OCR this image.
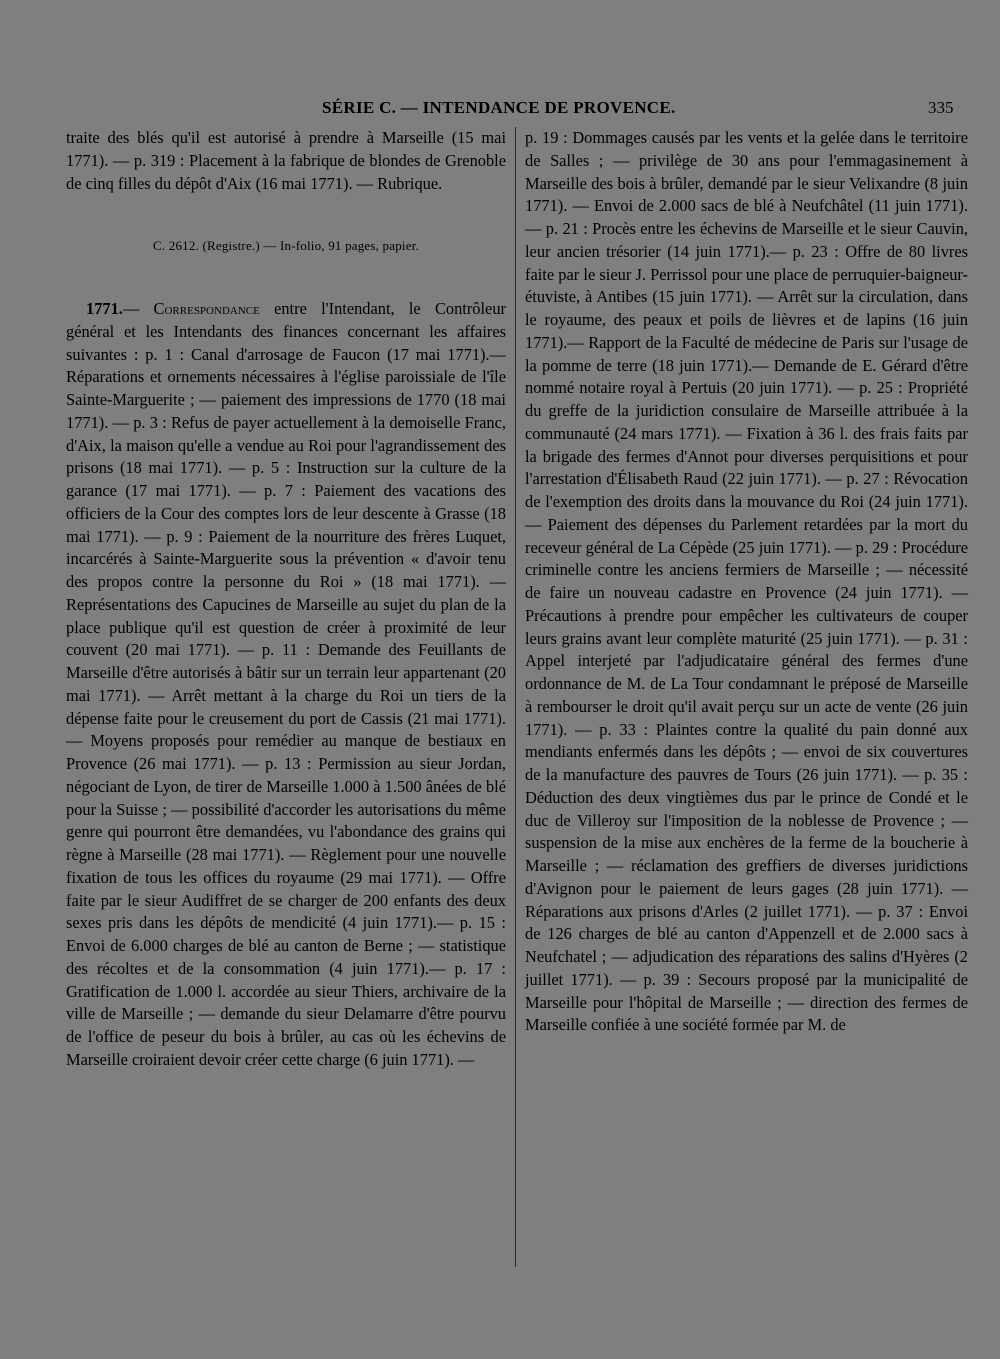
SÉRIE C. — INTENDANCE DE PROVENCE.	335

traite des blés qu'il est autorisé à prendre à Marseille (15 mai 1771). — p. 319 : Placement à la fabrique de blondes de Grenoble de cinq filles du dépôt d'Aix (16 mai 1771). — Rubrique.

C. 2612. (Registre.) — In-folio, 91 pages, papier.

1771.— Correspondance entre l'Intendant, le Contrôleur général et les Intendants des finances concernant les affaires suivantes : p. 1 : Canal d'arrosage de Faucon (17 mai 1771).— Réparations et ornements nécessaires à l'église paroissiale de l'île Sainte-Marguerite ; — paiement des impressions de 1770 (18 mai 1771). — p. 3 : Refus de payer actuellement à la demoiselle Franc, d'Aix, la maison qu'elle a vendue au Roi pour l'agrandissement des prisons (18 mai 1771). — p. 5 : Instruction sur la culture de la garance (17 mai 1771). — p. 7 : Paiement des vacations des officiers de la Cour des comptes lors de leur descente à Grasse (18 mai 1771). — p. 9 : Paiement de la nourriture des frères Luquet, incarcérés à Sainte-Marguerite sous la prévention « d'avoir tenu des propos contre la personne du Roi » (18 mai 1771). — Représentations des Capucines de Marseille au sujet du plan de la place publique qu'il est question de créer à proximité de leur couvent (20 mai 1771). — p. 11 : Demande des Feuillants de Marseille d'être autorisés à bâtir sur un terrain leur appartenant (20 mai 1771). — Arrêt mettant à la charge du Roi un tiers de la dépense faite pour le creusement du port de Cassis (21 mai 1771). — Moyens proposés pour remédier au manque de bestiaux en Provence (26 mai 1771). — p. 13 : Permission au sieur Jordan, négociant de Lyon, de tirer de Marseille 1.000 à 1.500 ânées de blé pour la Suisse ; — possibilité d'accorder les autorisations du même genre qui pourront être demandées, vu l'abondance des grains qui règne à Marseille (28 mai 1771). — Règlement pour une nouvelle fixation de tous les offices du royaume (29 mai 1771). — Offre faite par le sieur Audiffret de se charger de 200 enfants des deux sexes pris dans les dépôts de mendicité (4 juin 1771).— p. 15 : Envoi de 6.000 charges de blé au canton de Berne ; — statistique des récoltes et de la consommation (4 juin 1771).— p. 17 : Gratification de 1.000 l. accordée au sieur Thiers, archivaire de la ville de Marseille ; — demande du sieur Delamarre d'être pourvu de l'office de peseur du bois à brûler, au cas où les échevins de Marseille croiraient devoir créer cette charge (6 juin 1771). —

p. 19 : Dommages causés par les vents et la gelée dans le territoire de Salles ; — privilège de 30 ans pour l'emmagasinement à Marseille des bois à brûler, demandé par le sieur Velixandre (8 juin 1771). — Envoi de 2.000 sacs de blé à Neufchâtel (11 juin 1771). — p. 21 : Procès entre les échevins de Marseille et le sieur Cauvin, leur ancien trésorier (14 juin 1771).— p. 23 : Offre de 80 livres faite par le sieur J. Perrissol pour une place de perruquier-baigneur-étuviste, à Antibes (15 juin 1771). — Arrêt sur la circulation, dans le royaume, des peaux et poils de lièvres et de lapins (16 juin 1771).— Rapport de la Faculté de médecine de Paris sur l'usage de la pomme de terre (18 juin 1771).— Demande de E. Gérard d'être nommé notaire royal à Pertuis (20 juin 1771). — p. 25 : Propriété du greffe de la juridiction consulaire de Marseille attribuée à la communauté (24 mars 1771). — Fixation à 36 l. des frais faits par la brigade des fermes d'Annot pour diverses perquisitions et pour l'arrestation d'Élisabeth Raud (22 juin 1771). — p. 27 : Révocation de l'exemption des droits dans la mouvance du Roi (24 juin 1771). — Paiement des dépenses du Parlement retardées par la mort du receveur général de La Cépède (25 juin 1771). — p. 29 : Procédure criminelle contre les anciens fermiers de Marseille ; — nécessité de faire un nouveau cadastre en Provence (24 juin 1771). — Précautions à prendre pour empêcher les cultivateurs de couper leurs grains avant leur complète maturité (25 juin 1771). — p. 31 : Appel interjeté par l'adjudicataire général des fermes d'une ordonnance de M. de La Tour condamnant le préposé de Marseille à rembourser le droit qu'il avait perçu sur un acte de vente (26 juin 1771). — p. 33 : Plaintes contre la qualité du pain donné aux mendiants enfermés dans les dépôts ; — envoi de six couvertures de la manufacture des pauvres de Tours (26 juin 1771). — p. 35 : Déduction des deux vingtièmes dus par le prince de Condé et le duc de Villeroy sur l'imposition de la noblesse de Provence ; — suspension de la mise aux enchères de la ferme de la boucherie à Marseille ; — réclamation des greffiers de diverses juridictions d'Avignon pour le paiement de leurs gages (28 juin 1771). — Réparations aux prisons d'Arles (2 juillet 1771). — p. 37 : Envoi de 126 charges de blé au canton d'Appenzell et de 2.000 sacs à Neufchatel ; — adjudication des réparations des salins d'Hyères (2 juillet 1771). — p. 39 : Secours proposé par la municipalité de Marseille pour l'hôpital de Marseille ; — direction des fermes de Marseille confiée à une société formée par M. de
